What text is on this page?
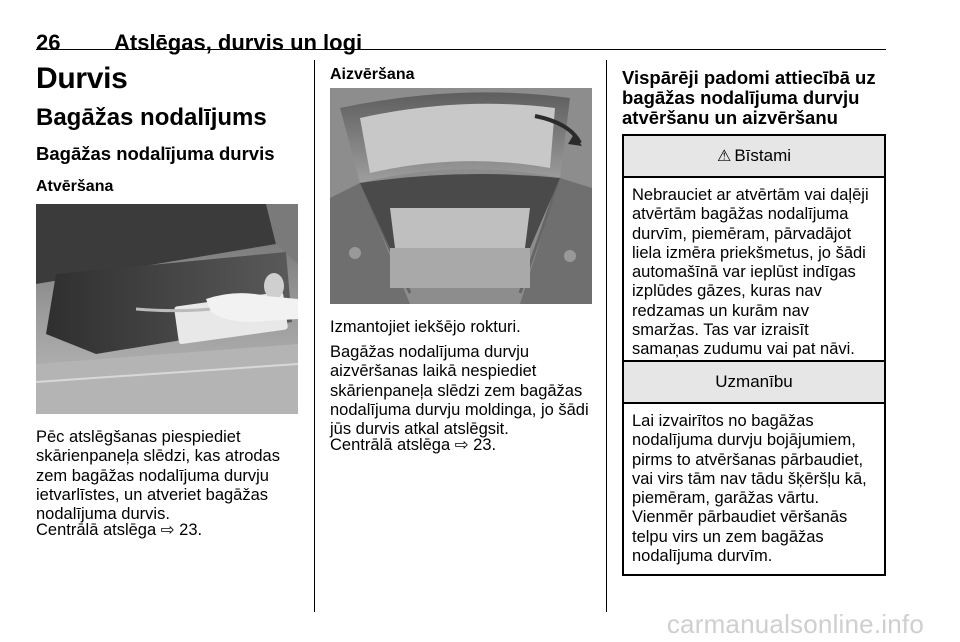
26 Atslēgas, durvis un logi
Durvis
Bagāžas nodalījums
Bagāžas nodalījuma durvis
Atvēršana
Pēc atslēgšanas piespiediet skārienpaneļa slēdzi, kas atrodas zem bagāžas nodalījuma durvju ietvarlīstes, un atveriet bagāžas nodalījuma durvis.
Centrālā atslēga ⇨ 23.
Aizvēršana
Izmantojiet iekšējo rokturi.
Bagāžas nodalījuma durvju aizvēršanas laikā nespiediet skārienpaneļa slēdzi zem bagāžas nodalījuma durvju moldinga, jo šādi jūs durvis atkal atslēgsit.
Centrālā atslēga ⇨ 23.
Vispārēji padomi attiecībā uz bagāžas nodalījuma durvju atvēršanu un aizvēršanu
⚠ Bīstami
Nebrauciet ar atvērtām vai daļēji atvērtām bagāžas nodalījuma durvīm, piemēram, pārvadājot liela izmēra priekšmetus, jo šādi automašīnā var ieplūst indīgas izplūdes gāzes, kuras nav redzamas un kurām nav smaržas. Tas var izraisīt samaņas zudumu vai pat nāvi.
Uzmanību
Lai izvairītos no bagāžas nodalījuma durvju bojājumiem, pirms to atvēršanas pārbaudiet, vai virs tām nav tādu šķēršļu kā, piemēram, garāžas vārtu. Vienmēr pārbaudiet vēršanās telpu virs un zem bagāžas nodalījuma durvīm.
carmanualsonline.info
